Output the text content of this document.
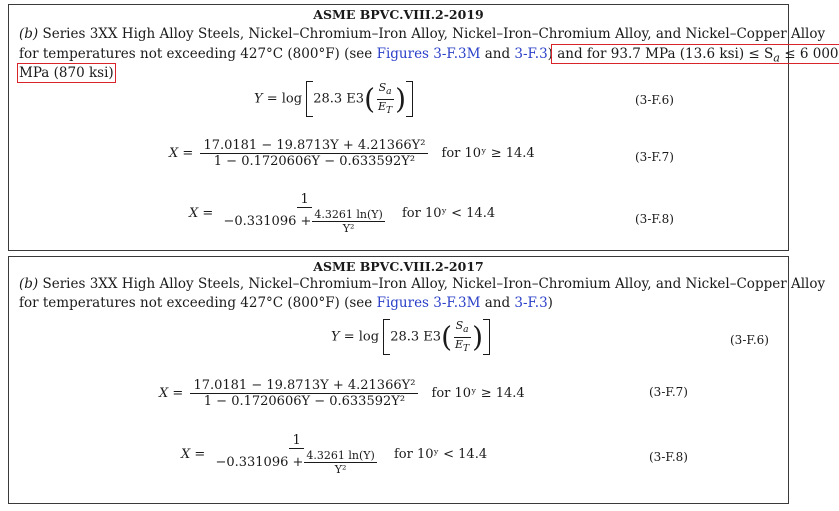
ASME BPVC.VIII.2-2019
(b) Series 3XX High Alloy Steels, Nickel–Chromium–Iron Alloy, Nickel–Iron–Chromium Alloy, and Nickel–Copper Alloy
for temperatures not exceeding 427°C (800°F) (see Figures 3-F.3M and 3-F.3) and for 93.7 MPa (13.6 $ksi) \le S_a \le 6$ 000
MPa (870 ksi)
Y = log 28.3 $E3( \frac{S_a}{E_T}$ )	(3-F.6)
$X = \frac{\text{17.0181 − 19.8713Y + 4.21366Y²}}{\text{1 − 0.1720606Y − 0.633592Y²}}$ for 10ʸ ≥ 14.4	(3-F.7)
$X = \frac{1}{-0.331096 + \frac{4.3261 \ln(Y)}{\text{Y²}}}$ for 10ʸ < 14.4	(3-F.8)
ASME BPVC.VIII.2-2017
(b) Series 3XX High Alloy Steels, Nickel–Chromium–Iron Alloy, Nickel–Iron–Chromium Alloy, and Nickel–Copper Alloy
for temperatures not exceeding 427°C (800°F) (see Figures 3-F.3M and 3-F.3)
Y = log 28.3 $E3( \frac{S_a}{E_T}$ )	(3-F.6)
$X = \frac{\text{17.0181 − 19.8713Y + 4.21366Y²}}{\text{1 − 0.1720606Y − 0.633592Y²}}$ for 10ʸ ≥ 14.4	(3-F.7)
$X = \frac{1}{-0.331096 + \frac{4.3261 \ln(Y)}{\text{Y²}}}$ for 10ʸ < 14.4	(3-F.8)
